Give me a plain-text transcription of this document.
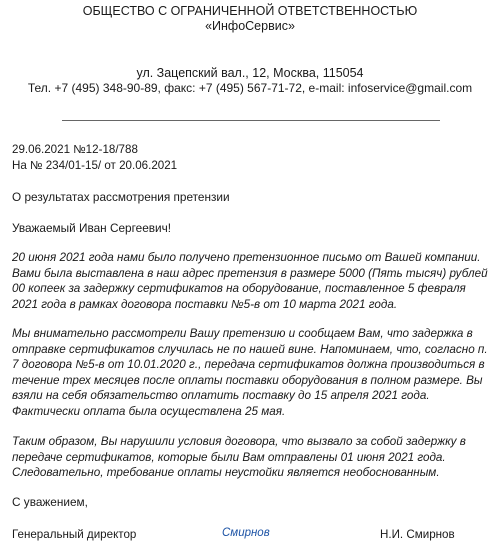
ОБЩЕСТВО С ОГРАНИЧЕННОЙ ОТВЕТСТВЕННОСТЬЮ
«ИнфоСервис»
ул. Зацепский вал., 12, Москва, 115054
Тел. +7 (495) 348-90-89, факс: +7 (495) 567-71-72, e-mail: infoservice@gmail.com
29.06.2021 №12-18/788
На № 234/01-15/ от 20.06.2021
О результатах рассмотрения претензии
Уважаемый Иван Сергеевич!

20 июня 2021 года нами было получено претензионное письмо от Вашей компании. Вами была выставлена в наш адрес претензия в размере 5000 (Пять тысяч) рублей 00 копеек за задержку сертификатов на оборудование, поставленное 5 февраля 2021 года в рамках договора поставки №5-в от 10 марта 2021 года.

Мы внимательно рассмотрели Вашу претензию и сообщаем Вам, что задержка в отправке сертификатов случилась не по нашей вине. Напоминаем, что, согласно п. 7 договора №5-в от 10.01.2020 г., передача сертификатов должна производиться в течение трех месяцев после оплаты поставки оборудования в полном размере. Вы взяли на себя обязательство оплатить поставку до 15 апреля 2021 года. Фактически оплата была осуществлена 25 мая.

Таким образом, Вы нарушили условия договора, что вызвало за собой задержку в передаче сертификатов, которые были Вам отправлены 01 июня 2021 года. Следовательно, требование оплаты неустойки является необоснованным.

С уважением,
Генеральный директор	Смирнов	Н.И. Смирнов
